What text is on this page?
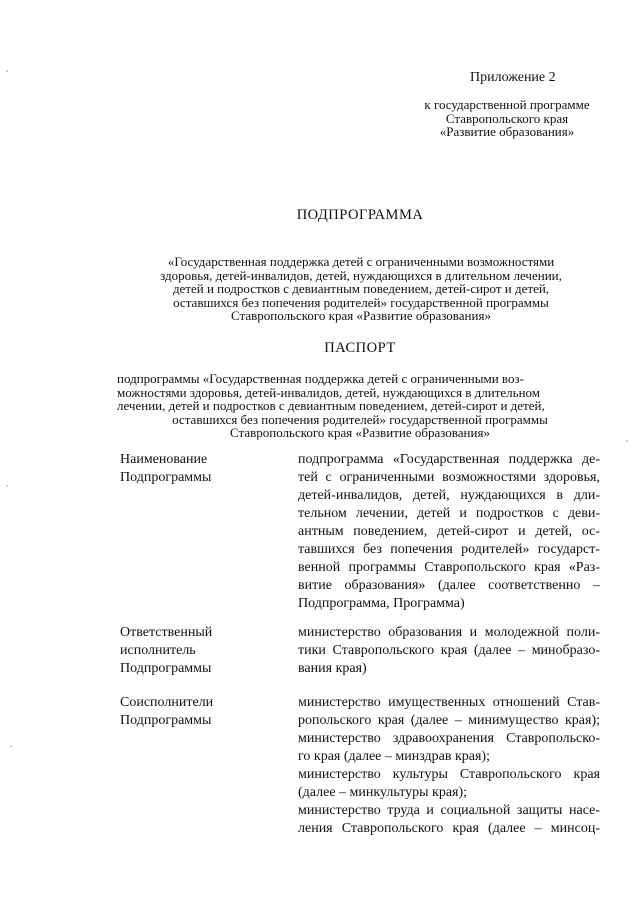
Приложение 2
к государственной программе
Ставропольского края
«Развитие образования»
ПОДПРОГРАММА
«Государственная поддержка детей с ограниченными возможностями
здоровья, детей-инвалидов, детей, нуждающихся в длительном лечении,
детей и подростков с девиантным поведением, детей-сирот и детей,
оставшихся без попечения родителей» государственной программы
Ставропольского края «Развитие образования»
ПАСПОРТ
подпрограммы «Государственная поддержка детей с ограниченными воз-
можностями здоровья, детей-инвалидов, детей, нуждающихся в длительном
лечении, детей и подростков с девиантным поведением, детей-сирот и детей,
оставшихся без попечения родителей» государственной программы
Ставропольского края «Развитие образования»
Наименование
Подпрограммы
подпрограмма «Государственная поддержка де-
тей с ограниченными возможностями здоровья,
детей-инвалидов, детей, нуждающихся в дли-
тельном лечении, детей и подростков с деви-
антным поведением, детей-сирот и детей, ос-
тавшихся без попечения родителей» государст-
венной программы Ставропольского края «Раз-
витие образования» (далее соответственно –
Подпрограмма, Программа)
Ответственный
исполнитель
Подпрограммы
министерство образования и молодежной поли-
тики Ставропольского края (далее – минобразо-
вания края)
Соисполнители
Подпрограммы
министерство имущественных отношений Став-
ропольского края (далее – минимущество края);
министерство здравоохранения Ставропольско-
го края (далее – минздрав края);
министерство культуры Ставропольского края
(далее – минкультуры края);
министерство труда и социальной защиты насе-
ления Ставропольского края (далее – минсоц-
